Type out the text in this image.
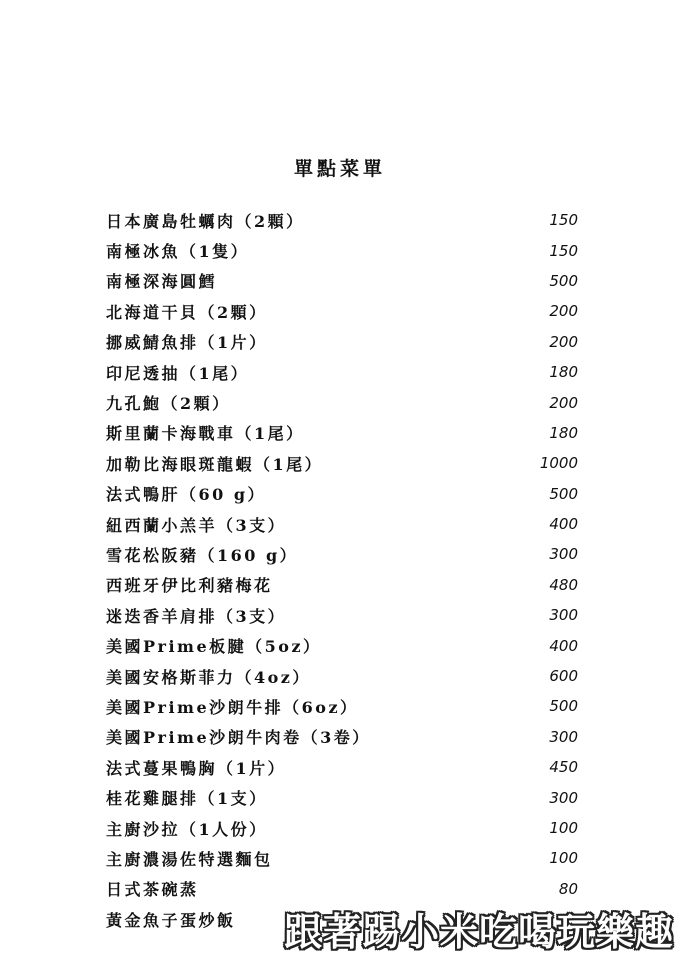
單點菜單
日本廣島牡蠣肉（2顆）	150
南極冰魚（1隻）	150
南極深海圓鱈	500
北海道干貝（2顆）	200
挪威鯖魚排（1片）	200
印尼透抽（1尾）	180
九孔鮑（2顆）	200
斯里蘭卡海戰車（1尾）	180
加勒比海眼斑龍蝦（1尾）	1000
法式鴨肝（60 g）	500
紐西蘭小羔羊（3支）	400
雪花松阪豬（160 g）	300
西班牙伊比利豬梅花	480
迷迭香羊肩排（3支）	300
美國Prime板腱（5oz）	400
美國安格斯菲力（4oz）	600
美國Prime沙朗牛排（6oz）	500
美國Prime沙朗牛肉卷（3卷）	300
法式蔓果鴨胸（1片）	450
桂花雞腿排（1支）	300
主廚沙拉（1人份）	100
主廚濃湯佐特選麵包	100
日式茶碗蒸	80
黃金魚子蛋炒飯 跟著踢小米吃喝玩樂趣
